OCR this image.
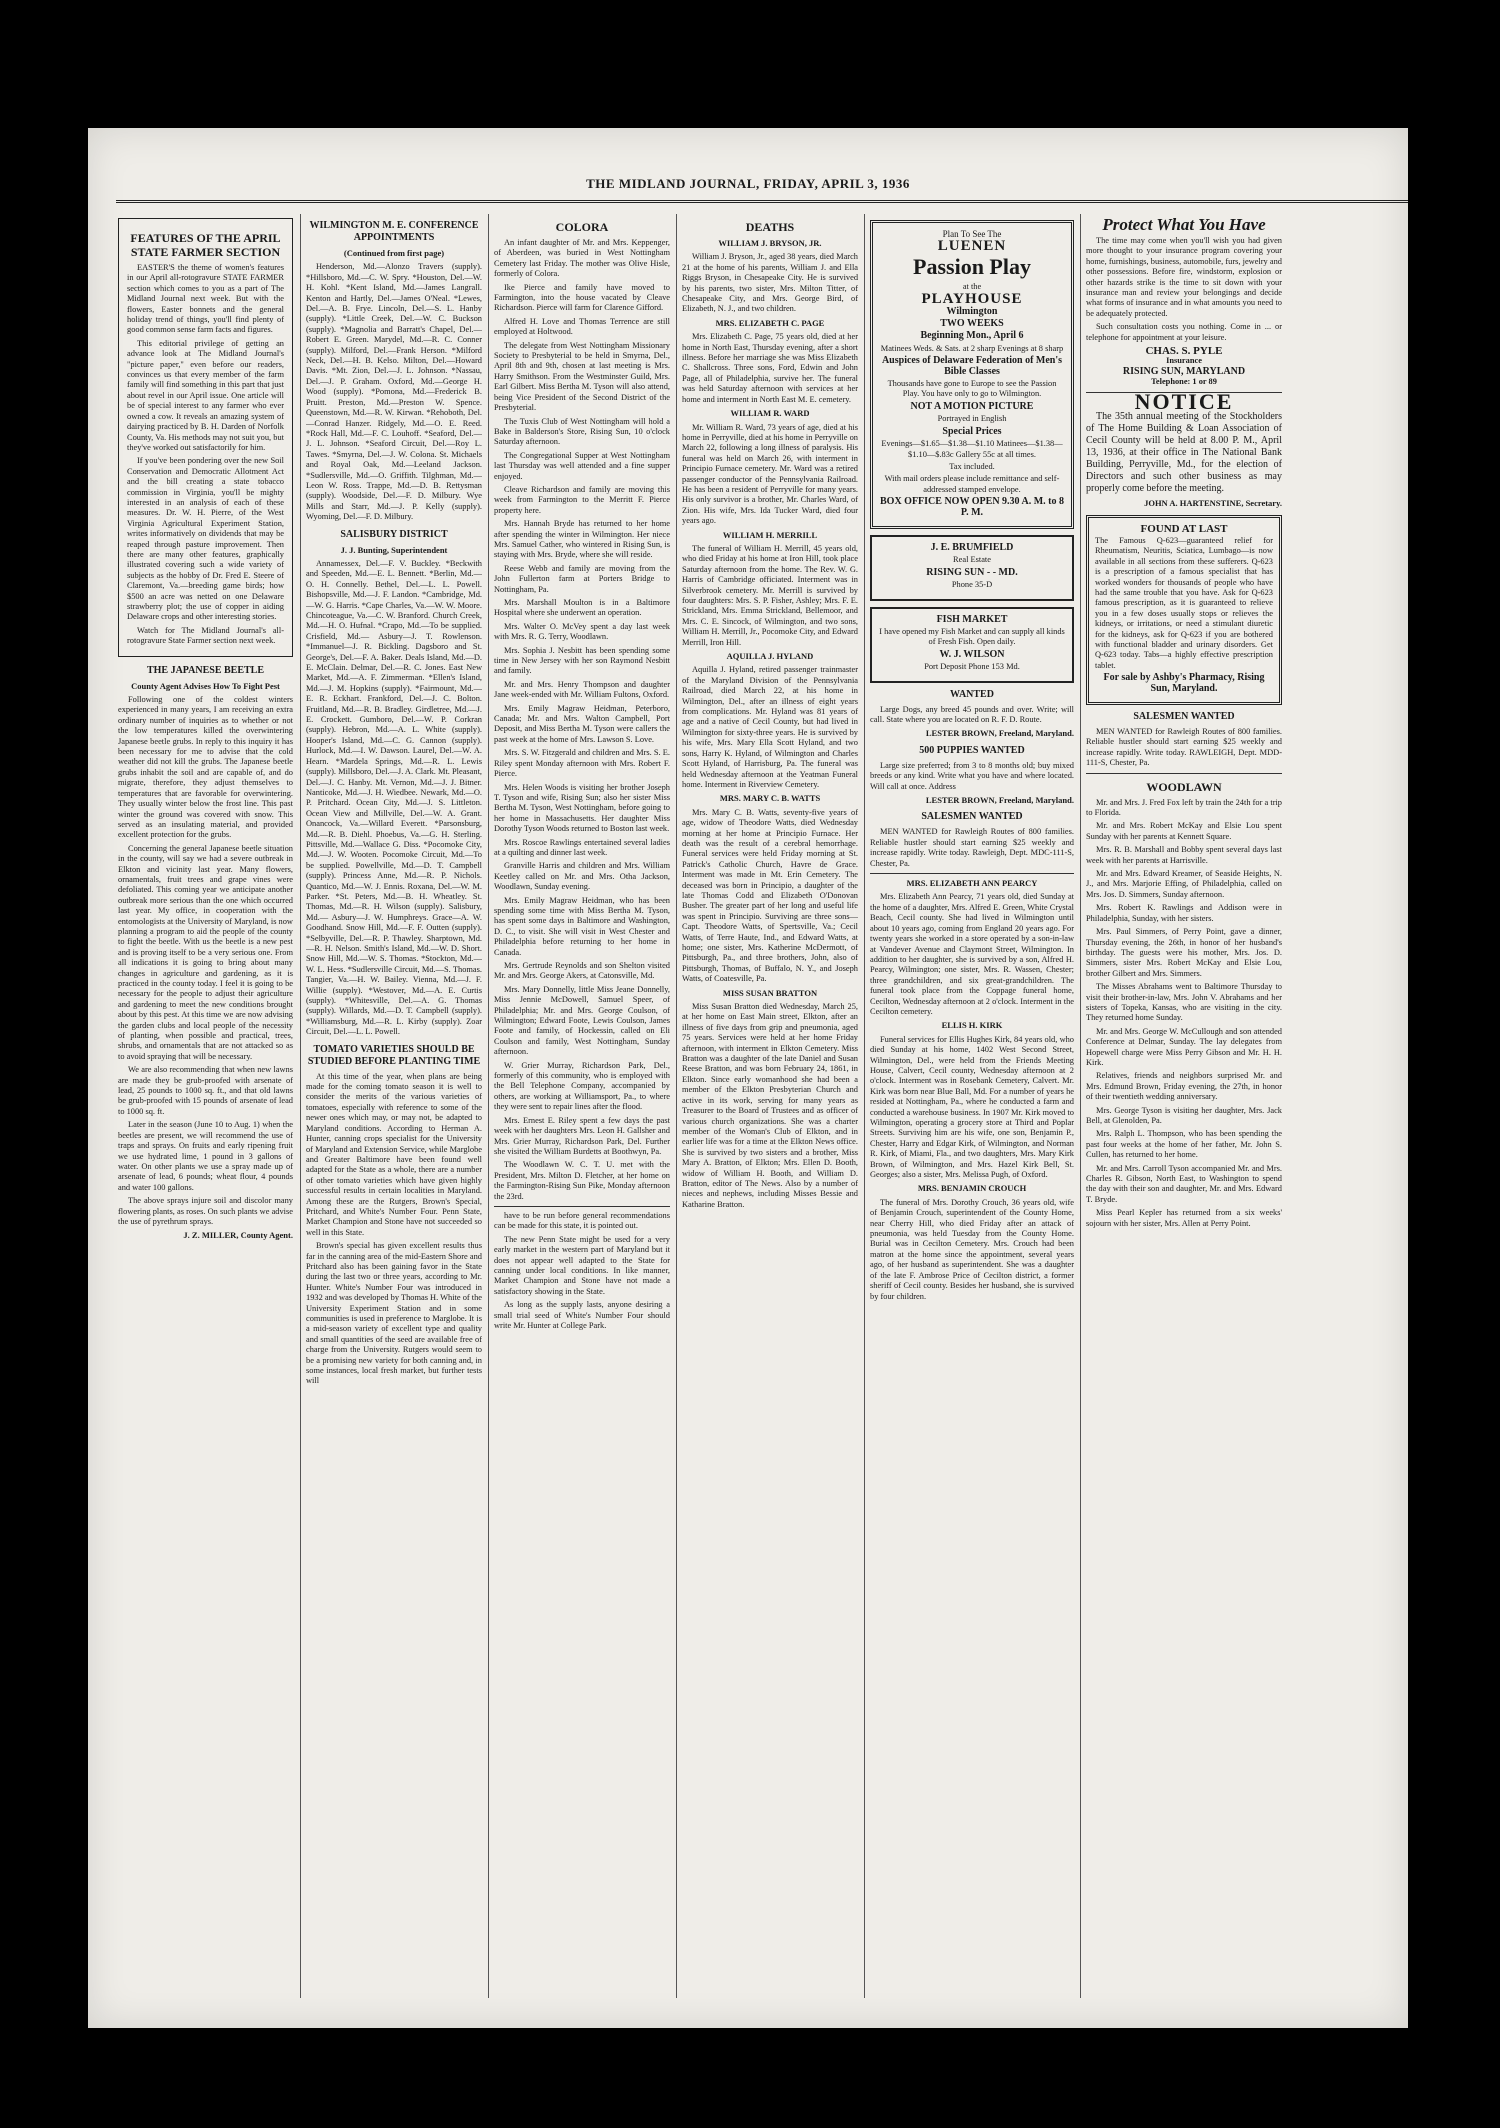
THE MIDLAND JOURNAL, FRIDAY, APRIL 3, 1936
FEATURES OF THE APRIL STATE FARMER SECTION

EASTER'S the theme of women's features in our April all-rotogravure STATE FARMER section which comes to you as a part of The Midland Journal next week. But with the flowers, Easter bonnets and the general holiday trend of things, you'll find plenty of good common sense farm facts and figures.

This editorial privilege of getting an advance look at The Midland Journal's "picture paper," even before our readers, convinces us that every member of the farm family will find something in this part that just about revel in our April issue. One article will be of special interest to any farmer who ever owned a cow. It reveals an amazing system of dairying practiced by B. H. Darden of Norfolk County, Va. His methods may not suit you, but they've worked out satisfactorily for him.

If you've been pondering over the new Soil Conservation and Democratic Allotment Act and the bill creating a state tobacco commission in Virginia, you'll be mighty interested in an analysis of each of these measures. Dr. W. H. Pierre, of the West Virginia Agricultural Experiment Station, writes informatively on dividends that may be reaped through pasture improvement. Then there are many other features, graphically illustrated covering such a wide variety of subjects as the hobby of Dr. Fred E. Steere of Claremont, Va.—breeding game birds; how $500 an acre was netted on one Delaware strawberry plot; the use of copper in aiding Delaware crops and other interesting stories.

Watch for The Midland Journal's all-rotogravure State Farmer section next week.

THE JAPANESE BEETLE
County Agent Advises How To Fight Pest

Following one of the coldest winters experienced in many years, I am receiving an extra ordinary number of inquiries as to whether or not the low temperatures killed the overwintering Japanese beetle grubs. In reply to this inquiry it has been necessary for me to advise that the cold weather did not kill the grubs. The Japanese beetle grubs inhabit the soil and are capable of, and do migrate, therefore, they adjust themselves to temperatures that are favorable for overwintering. They usually winter below the frost line. This past winter the ground was covered with snow. This served as an insulating material, and provided excellent protection for the grubs.

Concerning the general Japanese beetle situation in the county, will say we had a severe outbreak in Elkton and vicinity last year. Many flowers, ornamentals, fruit trees and grape vines were defoliated. This coming year we anticipate another outbreak more serious than the one which occurred last year. My office, in cooperation with the entomologists at the University of Maryland, is now planning a program to aid the people of the county to fight the beetle. With us the beetle is a new pest and is proving itself to be a very serious one. From all indications it is going to bring about many changes in agriculture and gardening, as it is practiced in the county today. I feel it is going to be necessary for the people to adjust their agriculture and gardening to meet the new conditions brought about by this pest. At this time we are now advising the garden clubs and local people of the necessity of planting, when possible and practical, trees, shrubs, and ornamentals that are not attacked so as to avoid spraying that will be necessary.

We are also recommending that when new lawns are made they be grub-proofed with arsenate of lead, 25 pounds to 1000 sq. ft., and that old lawns be grub-proofed with 15 pounds of arsenate of lead to 1000 sq. ft.

Later in the season (June 10 to Aug. 1) when the beetles are present, we will recommend the use of traps and sprays. On fruits and early ripening fruit we use hydrated lime, 1 pound in 3 gallons of water. On other plants we use a spray made up of arsenate of lead, 6 pounds; wheat flour, 4 pounds and water 100 gallons.

The above sprays injure soil and discolor many flowering plants, as roses. On such plants we advise the use of pyrethrum sprays.

J. Z. MILLER, County Agent.
WILMINGTON M. E. CONFERENCE APPOINTMENTS
(Continued from first page)

Henderson, Md.—Alonzo Travers (supply). *Hillsboro, Md.—C. W. Spry. *Houston, Del.—W. H. Kohl. *Kent Island, Md.—James Langrall. Kenton and Hartly, Del.—James O'Neal. *Lewes, Del.—A. B. Frye. Lincoln, Del.—S. L. Hanby (supply). *Little Creek, Del.—W. C. Buckson (supply). *Magnolia and Barratt's Chapel, Del.—Robert E. Green. Marydel, Md.—R. C. Conner (supply). Milford, Del.—Frank Herson. *Milford Neck, Del.—H. B. Kelso. Milton, Del.—Howard Davis. *Mt. Zion, Del.—J. L. Johnson. *Nassau, Del.—J. P. Graham. Oxford, Md.—George H. Wood (supply). *Pomona, Md.—Frederick B. Pruitt. Preston, Md.—Preston W. Spence. Queenstown, Md.—R. W. Kirwan. *Rehoboth, Del.—Conrad Hanzer. Ridgely, Md.—O. E. Reed. *Rock Hall, Md.—F. C. Louhoff. *Seaford, Del.—J. L. Johnson. *Seaford Circuit, Del.—Roy L. Tawes. *Smyrna, Del.—J. W. Colona. St. Michaels and Royal Oak, Md.—Leeland Jackson. *Sudlersville, Md.—O. Griffith. Tilghman, Md.—Leon W. Ross. Trappe, Md.—D. B. Rettysman (supply). Woodside, Del.—F. D. Milbury. Wye Mills and Starr, Md.—J. P. Kelly (supply). Wyoming, Del.—F. D. Milbury.

SALISBURY DISTRICT
J. J. Bunting, Superintendent

Annamessex, Del.—F. V. Buckley. *Beckwith and Speeden, Md.—E. L. Bennett. *Berlin, Md.—O. H. Connelly. Bethel, Del.—L. L. Powell. Bishopsville, Md.—J. F. Landon. *Cambridge, Md.—W. G. Harris. *Cape Charles, Va.—W. W. Moore. Chincoteague, Va.—C. W. Branford. Church Creek, Md.—H. O. Hufnal. *Crapo, Md.—To be supplied. Crisfield, Md.— Asbury—J. T. Rowlenson. *Immanuel—J. R. Bickling. Dagsboro and St. George's, Del.—F. A. Baker. Deals Island, Md.—D. E. McClain. Delmar, Del.—R. C. Jones. East New Market, Md.—A. F. Zimmerman. *Ellen's Island, Md.—J. M. Hopkins (supply). *Fairmount, Md.—E. R. Eckhart. Frankford, Del.—J. C. Bolton. Fruitland, Md.—R. B. Bradley. Girdletree, Md.—J. E. Crockett. Gumboro, Del.—W. P. Corkran (supply). Hebron, Md.—A. L. White (supply). Hooper's Island, Md.—C. G. Cannon (supply). Hurlock, Md.—I. W. Dawson. Laurel, Del.—W. A. Hearn. *Mardela Springs, Md.—R. L. Lewis (supply). Millsboro, Del.—J. A. Clark. Mt. Pleasant, Del.—J. C. Hanby. Mt. Vernon, Md.—J. J. Bitner. Nanticoke, Md.—J. H. Wiedbee. Newark, Md.—O. P. Pritchard. Ocean City, Md.—J. S. Littleton. Ocean View and Millville, Del.—W. A. Grant. Onancock, Va.—Willard Everett. *Parsonsburg, Md.—R. B. Diehl. Phoebus, Va.—G. H. Sterling. Pittsville, Md.—Wallace G. Diss. *Pocomoke City, Md.—J. W. Wooten. Pocomoke Circuit, Md.—To be supplied. Powellville, Md.—D. T. Campbell (supply). Princess Anne, Md.—R. P. Nichols. Quantico, Md.—W. J. Ennis. Roxana, Del.—W. M. Parker. *St. Peters, Md.—B. H. Wheatley. St. Thomas, Md.—R. H. Wilson (supply). Salisbury, Md.— Asbury—J. W. Humphreys. Grace—A. W. Goodhand. Snow Hill, Md.—F. F. Outten (supply). *Selbyville, Del.—R. P. Thawley. Sharptown, Md.—R. H. Nelson. Smith's Island, Md.—W. D. Short. Snow Hill, Md.—W. S. Thomas. *Stockton, Md.—W. L. Hess. *Sudlersville Circuit, Md.—S. Thomas. Tangier, Va.—H. W. Bailey. Vienna, Md.—J. F. Willie (supply). *Westover, Md.—A. E. Curtis (supply). *Whitesville, Del.—A. G. Thomas (supply). Willards, Md.—D. T. Campbell (supply). *Williamsburg, Md.—R. L. Kirby (supply). Zoar Circuit, Del.—L. L. Powell.

TOMATO VARIETIES SHOULD BE STUDIED BEFORE PLANTING TIME

At this time of the year, when plans are being made for the coming tomato season it is well to consider the merits of the various varieties of tomatoes, especially with reference to some of the newer ones which may, or may not, be adapted to Maryland conditions. According to Herman A. Hunter, canning crops specialist for the University of Maryland and Extension Service, while Marglobe and Greater Baltimore have been found well adapted for the State as a whole, there are a number of other tomato varieties which have given highly successful results in certain localities in Maryland. Among these are the Rutgers, Brown's Special, Pritchard, and White's Number Four. Penn State, Market Champion and Stone have not succeeded so well in this State.

Brown's special has given excellent results thus far in the canning area of the mid-Eastern Shore and Pritchard also has been gaining favor in the State during the last two or three years, according to Mr. Hunter. White's Number Four was introduced in 1932 and was developed by Thomas H. White of the University Experiment Station and in some communities is used in preference to Marglobe. It is a mid-season variety of excellent type and quality and small quantities of the seed are available free of charge from the University. Rutgers would seem to be a promising new variety for both canning and, in some instances, local fresh market, but further tests will

COLORA

An infant daughter of Mr. and Mrs. Keppenger, of Aberdeen, was buried in West Nottingham Cemetery last Friday. The mother was Olive Hisle, formerly of Colora.

Ike Pierce and family have moved to Farmington, into the house vacated by Cleave Richardson. Pierce will farm for Clarence Gifford.

Alfred H. Love and Thomas Terrence are still employed at Holtwood.

The delegate from West Nottingham Missionary Society to Presbyterial to be held in Smyrna, Del., April 8th and 9th, chosen at last meeting is Mrs. Harry Smithson. From the Westminster Guild, Mrs. Earl Gilbert. Miss Bertha M. Tyson will also attend, being Vice President of the Second District of the Presbyterial.

The Tuxis Club of West Nottingham will hold a Bake in Balderson's Store, Rising Sun, 10 o'clock Saturday afternoon.

The Congregational Supper at West Nottingham last Thursday was well attended and a fine supper enjoyed.

Cleave Richardson and family are moving this week from Farmington to the Merritt F. Pierce property here.

Mrs. Hannah Bryde has returned to her home after spending the winter in Wilmington. Her niece Mrs. Samuel Cather, who wintered in Rising Sun, is staying with Mrs. Bryde, where she will reside.

Reese Webb and family are moving from the John Fullerton farm at Porters Bridge to Nottingham, Pa.

Mrs. Marshall Moulton is in a Baltimore Hospital where she underwent an operation.

Mrs. Walter O. McVey spent a day last week with Mrs. R. G. Terry, Woodlawn.

Mrs. Sophia J. Nesbitt has been spending some time in New Jersey with her son Raymond Nesbitt and family.

Mr. and Mrs. Henry Thompson and daughter Jane week-ended with Mr. William Fultons, Oxford.

Mrs. Emily Magraw Heidman, Peterboro, Canada; Mr. and Mrs. Walton Campbell, Port Deposit, and Miss Bertha M. Tyson were callers the past week at the home of Mrs. Lawson S. Love.

Mrs. S. W. Fitzgerald and children and Mrs. S. E. Riley spent Monday afternoon with Mrs. Robert F. Pierce.

Mrs. Helen Woods is visiting her brother Joseph T. Tyson and wife, Rising Sun; also her sister Miss Bertha M. Tyson, West Nottingham, before going to her home in Massachusetts. Her daughter Miss Dorothy Tyson Woods returned to Boston last week.

Mrs. Roscoe Rawlings entertained several ladies at a quilting and dinner last week.

Granville Harris and children and Mrs. William Keetley called on Mr. and Mrs. Otha Jackson, Woodlawn, Sunday evening.

Mrs. Emily Magraw Heidman, who has been spending some time with Miss Bertha M. Tyson, has spent some days in Baltimore and Washington, D. C., to visit. She will visit in West Chester and Philadelphia before returning to her home in Canada.

Mrs. Gertrude Reynolds and son Shelton visited Mr. and Mrs. George Akers, at Catonsville, Md.

Mrs. Mary Donnelly, little Miss Jeane Donnelly, Miss Jennie McDowell, Samuel Speer, of Philadelphia; Mr. and Mrs. George Coulson, of Wilmington; Edward Foote, Lewis Coulson, James Foote and family, of Hockessin, called on Eli Coulson and family, West Nottingham, Sunday afternoon.

W. Grier Murray, Richardson Park, Del., formerly of this community, who is employed with the Bell Telephone Company, accompanied by others, are working at Williamsport, Pa., to where they were sent to repair lines after the flood.

Mrs. Ernest E. Riley spent a few days the past week with her daughters Mrs. Leon H. Gallsher and Mrs. Grier Murray, Richardson Park, Del. Further she visited the William Burdetts at Boothwyn, Pa.

The Woodlawn W. C. T. U. met with the President, Mrs. Milton D. Fletcher, at her home on the Farmington-Rising Sun Pike, Monday afternoon the 23rd.

have to be run before general recommendations can be made for this state, it is pointed out.

The new Penn State might be used for a very early market in the western part of Maryland but it does not appear well adapted to the State for canning under local conditions. In like manner, Market Champion and Stone have not made a satisfactory showing in the State.

As long as the supply lasts, anyone desiring a small trial seed of White's Number Four should write Mr. Hunter at College Park.

DEATHS
WILLIAM J. BRYSON, JR.

William J. Bryson, Jr., aged 38 years, died March 21 at the home of his parents, William J. and Ella Riggs Bryson, in Chesapeake City. He is survived by his parents, two sister, Mrs. Milton Titter, of Chesapeake City, and Mrs. George Bird, of Elizabeth, N. J., and two children.

MRS. ELIZABETH C. PAGE

Mrs. Elizabeth C. Page, 75 years old, died at her home in North East, Thursday evening, after a short illness. Before her marriage she was Miss Elizabeth C. Shallcross. Three sons, Ford, Edwin and John Page, all of Philadelphia, survive her. The funeral was held Saturday afternoon with services at her home and interment in North East M. E. cemetery.

WILLIAM R. WARD

Mr. William R. Ward, 73 years of age, died at his home in Perryville, died at his home in Perryville on March 22, following a long illness of paralysis. His funeral was held on March 26, with interment in Principio Furnace cemetery. Mr. Ward was a retired passenger conductor of the Pennsylvania Railroad. He has been a resident of Perryville for many years. His only survivor is a brother, Mr. Charles Ward, of Zion. His wife, Mrs. Ida Tucker Ward, died four years ago.

WILLIAM H. MERRILL

The funeral of William H. Merrill, 45 years old, who died Friday at his home at Iron Hill, took place Saturday afternoon from the home. The Rev. W. G. Harris of Cambridge officiated. Interment was in Silverbrook cemetery. Mr. Merrill is survived by four daughters: Mrs. S. P. Fisher, Ashley; Mrs. F. E. Strickland, Mrs. Emma Strickland, Bellemoor, and Mrs. C. E. Sincock, of Wilmington, and two sons, William H. Merrill, Jr., Pocomoke City, and Edward Merrill, Iron Hill.

AQUILLA J. HYLAND

Aquilla J. Hyland, retired passenger trainmaster of the Maryland Division of the Pennsylvania Railroad, died March 22, at his home in Wilmington, Del., after an illness of eight years from complications. Mr. Hyland was 81 years of age and a native of Cecil County, but had lived in Wilmington for sixty-three years. He is survived by his wife, Mrs. Mary Ella Scott Hyland, and two sons, Harry K. Hyland, of Wilmington and Charles Scott Hyland, of Harrisburg, Pa. The funeral was held Wednesday afternoon at the Yeatman Funeral home. Interment in Riverview Cemetery.

MRS. MARY C. B. WATTS

Mrs. Mary C. B. Watts, seventy-five years of age, widow of Theodore Watts, died Wednesday morning at her home at Principio Furnace. Her death was the result of a cerebral hemorrhage. Funeral services were held Friday morning at St. Patrick's Catholic Church, Havre de Grace. Interment was made in Mt. Erin Cemetery. The deceased was born in Principio, a daughter of the late Thomas Codd and Elizabeth O'Donovan Busher. The greater part of her long and useful life was spent in Principio. Surviving are three sons—Capt. Theodore Watts, of Spertsville, Va.; Cecil Watts, of Terre Haute, Ind., and Edward Watts, at home; one sister, Mrs. Katherine McDermott, of Pittsburgh, Pa., and three brothers, John, also of Pittsburgh, Thomas, of Buffalo, N. Y., and Joseph Watts, of Coatesville, Pa.

MISS SUSAN BRATTON

Miss Susan Bratton died Wednesday, March 25, at her home on East Main street, Elkton, after an illness of five days from grip and pneumonia, aged 75 years. Services were held at her home Friday afternoon, with interment in Elkton Cemetery. Miss Bratton was a daughter of the late Daniel and Susan Reese Bratton, and was born February 24, 1861, in Elkton. Since early womanhood she had been a member of the Elkton Presbyterian Church and active in its work, serving for many years as Treasurer to the Board of Trustees and as officer of various church organizations. She was a charter member of the Woman's Club of Elkton, and in earlier life was for a time at the Elkton News office. She is survived by two sisters and a brother, Miss Mary A. Bratton, of Elkton; Mrs. Ellen D. Booth, widow of William H. Booth, and William D. Bratton, editor of The News. Also by a number of nieces and nephews, including Misses Bessie and Katharine Bratton.

Plan To See The

LUENEN

Passion Play

at the

PLAYHOUSE

Wilmington

TWO WEEKS

Beginning Mon., April 6

Matinees Weds. & Sats. at 2 sharp Evenings at 8 sharp

Auspices of Delaware Federation of Men's Bible Classes

Thousands have gone to Europe to see the Passion Play. You have only to go to Wilmington.

NOT A MOTION PICTURE

Portrayed in English

Special Prices

Evenings—$1.65—$1.38—$1.10 Matinees—$1.38—$1.10—$.83c Gallery 55c at all times.

Tax included.

With mail orders please include remittance and self-addressed stamped envelope.

BOX OFFICE NOW OPEN 9.30 A. M. to 8 P. M.

J. E. BRUMFIELD

Real Estate

RISING SUN - - MD.

Phone 35-D

FISH MARKET

I have opened my Fish Market and can supply all kinds of Fresh Fish. Open daily.

W. J. WILSON

Port Deposit Phone 153 Md.

WANTED

Large Dogs, any breed 45 pounds and over. Write; will call. State where you are located on R. F. D. Route.

LESTER BROWN, Freeland, Maryland.
500 PUPPIES WANTED

Large size preferred; from 3 to 8 months old; buy mixed breeds or any kind. Write what you have and where located. Will call at once. Address

LESTER BROWN, Freeland, Maryland.
SALESMEN WANTED

MEN WANTED for Rawleigh Routes of 800 families. Reliable hustler should start earning $25 weekly and increase rapidly. Write today. Rawleigh, Dept. MDC-111-S, Chester, Pa.

MRS. ELIZABETH ANN PEARCY

Mrs. Elizabeth Ann Pearcy, 71 years old, died Sunday at the home of a daughter, Mrs. Alfred E. Green, White Crystal Beach, Cecil county. She had lived in Wilmington until about 10 years ago, coming from England 20 years ago. For twenty years she worked in a store operated by a son-in-law at Vandever Avenue and Claymont Street, Wilmington. In addition to her daughter, she is survived by a son, Alfred H. Pearcy, Wilmington; one sister, Mrs. R. Wassen, Chester; three grandchildren, and six great-grandchildren. The funeral took place from the Coppage funeral home, Cecilton, Wednesday afternoon at 2 o'clock. Interment in the Cecilton cemetery.

ELLIS H. KIRK

Funeral services for Ellis Hughes Kirk, 84 years old, who died Sunday at his home, 1402 West Second Street, Wilmington, Del., were held from the Friends Meeting House, Calvert, Cecil county, Wednesday afternoon at 2 o'clock. Interment was in Rosebank Cemetery, Calvert. Mr. Kirk was born near Blue Ball, Md. For a number of years he resided at Nottingham, Pa., where he conducted a farm and conducted a warehouse business. In 1907 Mr. Kirk moved to Wilmington, operating a grocery store at Third and Poplar Streets. Surviving him are his wife, one son, Benjamin P., Chester, Harry and Edgar Kirk, of Wilmington, and Norman R. Kirk, of Miami, Fla., and two daughters, Mrs. Mary Kirk Brown, of Wilmington, and Mrs. Hazel Kirk Bell, St. Georges; also a sister, Mrs. Melissa Pugh, of Oxford.

MRS. BENJAMIN CROUCH

The funeral of Mrs. Dorothy Crouch, 36 years old, wife of Benjamin Crouch, superintendent of the County Home, near Cherry Hill, who died Friday after an attack of pneumonia, was held Tuesday from the County Home. Burial was in Cecilton Cemetery. Mrs. Crouch had been matron at the home since the appointment, several years ago, of her husband as superintendent. She was a daughter of the late F. Ambrose Price of Cecilton district, a former sheriff of Cecil county. Besides her husband, she is survived by four children.

Protect What You Have

The time may come when you'll wish you had given more thought to your insurance program covering your home, furnishings, business, automobile, furs, jewelry and other possessions. Before fire, windstorm, explosion or other hazards strike is the time to sit down with your insurance man and review your belongings and decide what forms of insurance and in what amounts you need to be adequately protected.

Such consultation costs you nothing. Come in ... or telephone for appointment at your leisure.

CHAS. S. PYLE
Insurance
RISING SUN, MARYLAND
Telephone: 1 or 89
NOTICE

The 35th annual meeting of the Stockholders of The Home Building & Loan Association of Cecil County will be held at 8.00 P. M., April 13, 1936, at their office in The National Bank Building, Perryville, Md., for the election of Directors and such other business as may properly come before the meeting.

JOHN A. HARTENSTINE, Secretary.

FOUND AT LAST

The Famous Q-623—guaranteed relief for Rheumatism, Neuritis, Sciatica, Lumbago—is now available in all sections from these sufferers. Q-623 is a prescription of a famous specialist that has worked wonders for thousands of people who have had the same trouble that you have. Ask for Q-623 famous prescription, as it is guaranteed to relieve you in a few doses usually stops or relieves the kidneys, or irritations, or need a stimulant diuretic for the kidneys, ask for Q-623 if you are bothered with functional bladder and urinary disorders. Get Q-623 today. Tabs—a highly effective prescription tablet.

For sale by Ashby's Pharmacy, Rising Sun, Maryland.

SALESMEN WANTED

MEN WANTED for Rawleigh Routes of 800 families. Reliable hustler should start earning $25 weekly and increase rapidly. Write today. RAWLEIGH, Dept. MDD-111-S, Chester, Pa.

WOODLAWN

Mr. and Mrs. J. Fred Fox left by train the 24th for a trip to Florida.

Mr. and Mrs. Robert McKay and Elsie Lou spent Sunday with her parents at Kennett Square.

Mrs. R. B. Marshall and Bobby spent several days last week with her parents at Harrisville.

Mr. and Mrs. Edward Kreamer, of Seaside Heights, N. J., and Mrs. Marjorie Effing, of Philadelphia, called on Mrs. Jos. D. Simmers, Sunday afternoon.

Mrs. Robert K. Rawlings and Addison were in Philadelphia, Sunday, with her sisters.

Mrs. Paul Simmers, of Perry Point, gave a dinner, Thursday evening, the 26th, in honor of her husband's birthday. The guests were his mother, Mrs. Jos. D. Simmers, sister Mrs. Robert McKay and Elsie Lou, brother Gilbert and Mrs. Simmers.

The Misses Abrahams went to Baltimore Thursday to visit their brother-in-law, Mrs. John V. Abrahams and her sisters of Topeka, Kansas, who are visiting in the city. They returned home Sunday.

Mr. and Mrs. George W. McCullough and son attended Conference at Delmar, Sunday. The lay delegates from Hopewell charge were Miss Perry Gibson and Mr. H. H. Kirk.

Relatives, friends and neighbors surprised Mr. and Mrs. Edmund Brown, Friday evening, the 27th, in honor of their twentieth wedding anniversary.

Mrs. George Tyson is visiting her daughter, Mrs. Jack Bell, at Glenolden, Pa.

Mrs. Ralph L. Thompson, who has been spending the past four weeks at the home of her father, Mr. John S. Cullen, has returned to her home.

Mr. and Mrs. Carroll Tyson accompanied Mr. and Mrs. Charles R. Gibson, North East, to Washington to spend the day with their son and daughter, Mr. and Mrs. Edward T. Bryde.

Miss Pearl Kepler has returned from a six weeks' sojourn with her sister, Mrs. Allen at Perry Point.
